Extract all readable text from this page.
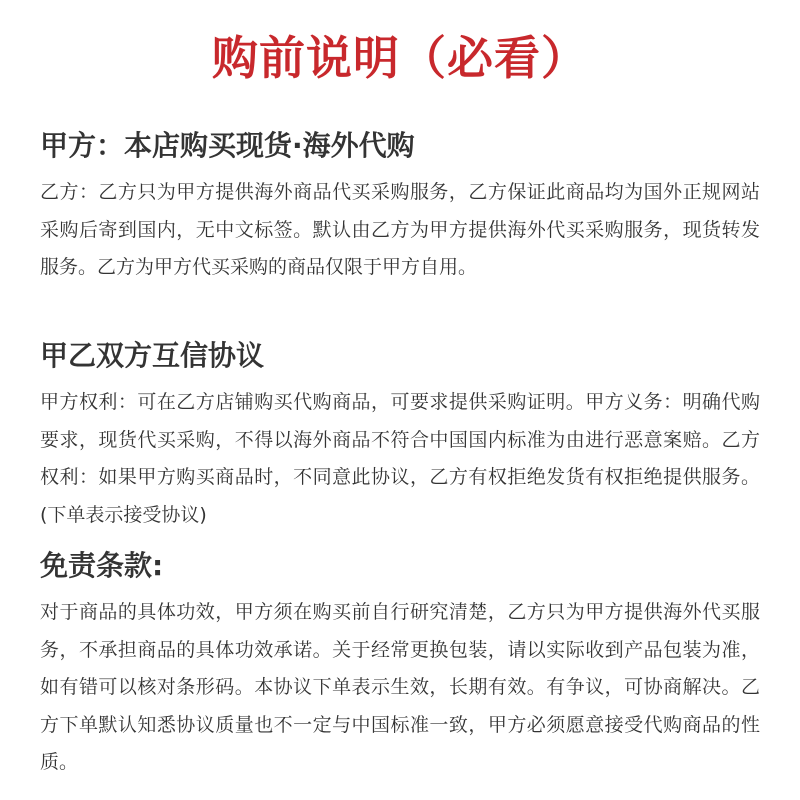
购前说明（必看）
甲方：本店购买现货·海外代购
乙方：乙方只为甲方提供海外商品代买采购服务，乙方保证此商品均为国外正规网站采购后寄到国内，无中文标签。默认由乙方为甲方提供海外代买采购服务，现货转发服务。乙方为甲方代买采购的商品仅限于甲方自用。
甲乙双方互信协议
甲方权利：可在乙方店铺购买代购商品，可要求提供采购证明。甲方义务：明确代购要求，现货代买采购，不得以海外商品不符合中国国内标准为由进行恶意案赔。乙方权利：如果甲方购买商品时，不同意此协议，乙方有权拒绝发货有权拒绝提供服务。(下单表示接受协议)
免责条款:
对于商品的具体功效，甲方须在购买前自行研究清楚，乙方只为甲方提供海外代买服务，不承担商品的具体功效承诺。关于经常更换包装，请以实际收到产品包装为准，如有错可以核对条形码。本协议下单表示生效，长期有效。有争议，可协商解决。乙方下单默认知悉协议质量也不一定与中国标准一致，甲方必须愿意接受代购商品的性质。
